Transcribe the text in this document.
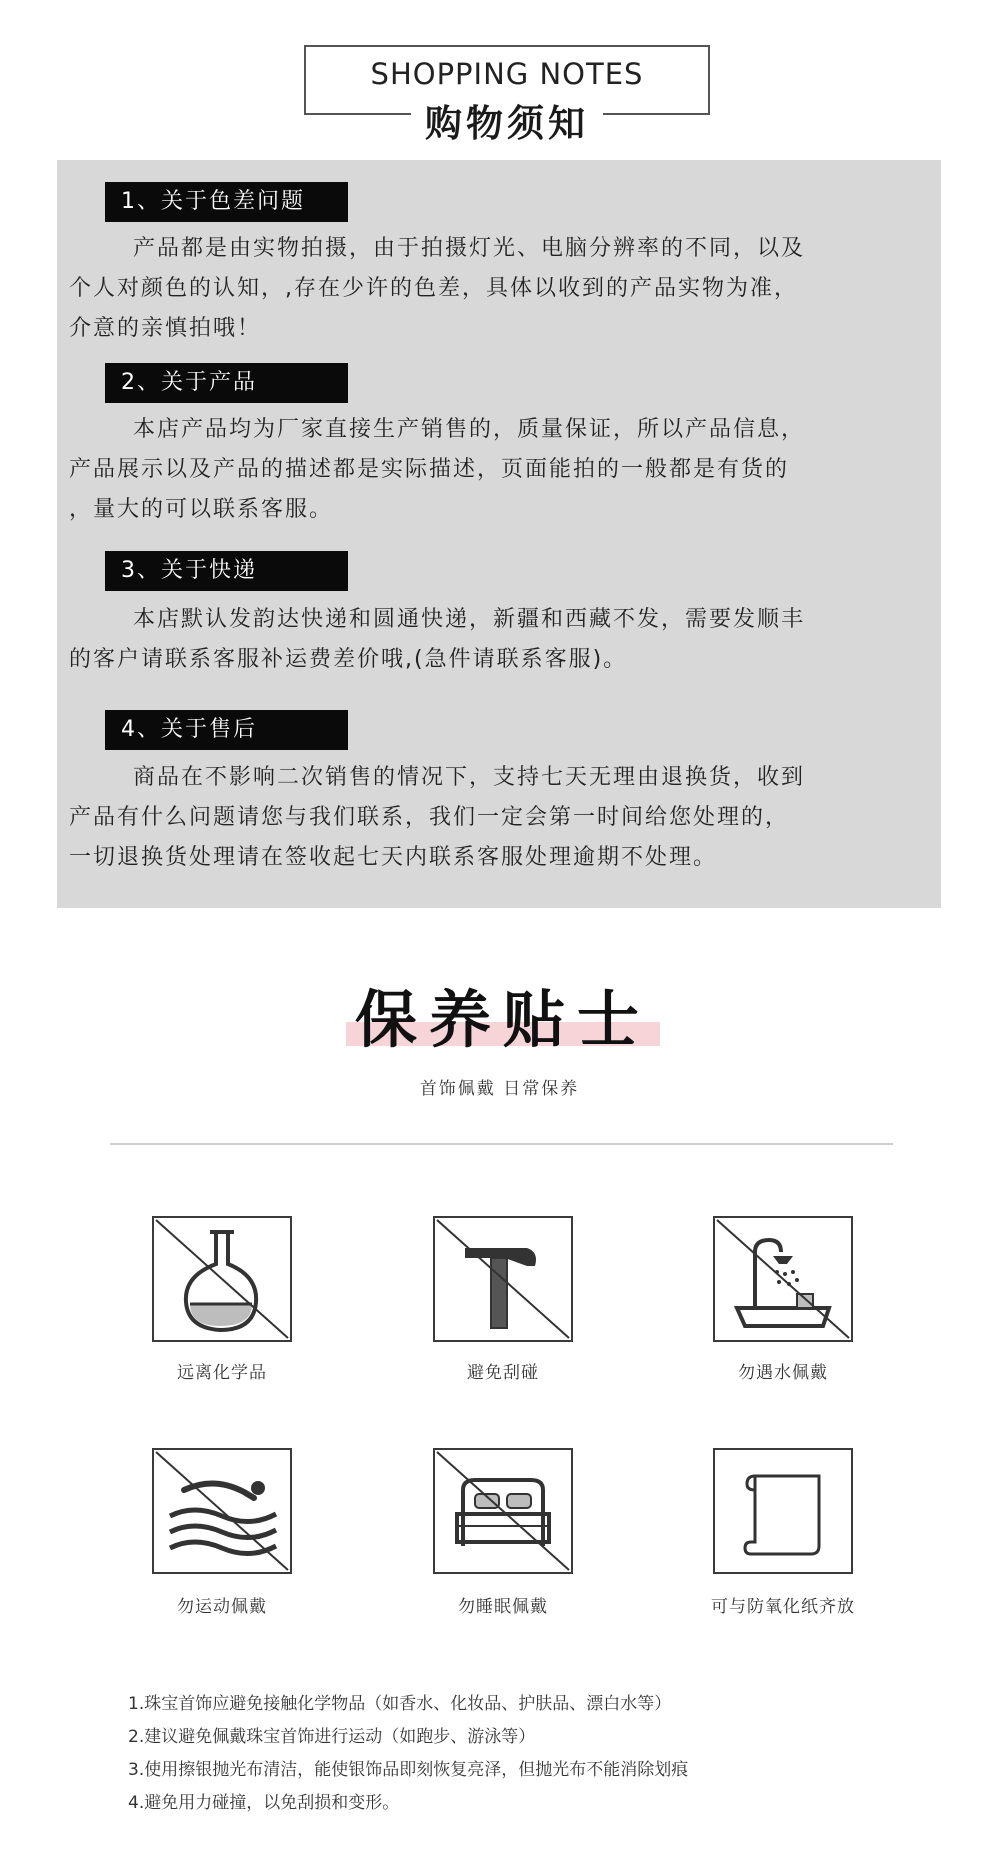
SHOPPING NOTES
购物须知
1、关于色差问题
产品都是由实物拍摄，由于拍摄灯光、电脑分辨率的不同，以及
个人对颜色的认知，,存在少许的色差，具体以收到的产品实物为准，
介意的亲慎拍哦！
2、关于产品
本店产品均为厂家直接生产销售的，质量保证，所以产品信息，
产品展示以及产品的描述都是实际描述，页面能拍的一般都是有货的
，量大的可以联系客服。
3、关于快递
本店默认发韵达快递和圆通快递，新疆和西藏不发，需要发顺丰
的客户请联系客服补运费差价哦,(急件请联系客服)。
4、关于售后
商品在不影响二次销售的情况下，支持七天无理由退换货，收到
产品有什么问题请您与我们联系，我们一定会第一时间给您处理的，
一切退换货处理请在签收起七天内联系客服处理逾期不处理。
保养贴士
首饰佩戴 日常保养
远离化学品	避免刮碰	勿遇水佩戴
勿运动佩戴	勿睡眠佩戴	可与防氧化纸齐放
1.珠宝首饰应避免接触化学物品（如香水、化妆品、护肤品、漂白水等）
2.建议避免佩戴珠宝首饰进行运动（如跑步、游泳等）
3.使用擦银抛光布清洁，能使银饰品即刻恢复亮泽，但抛光布不能消除划痕
4.避免用力碰撞，以免刮损和变形。
